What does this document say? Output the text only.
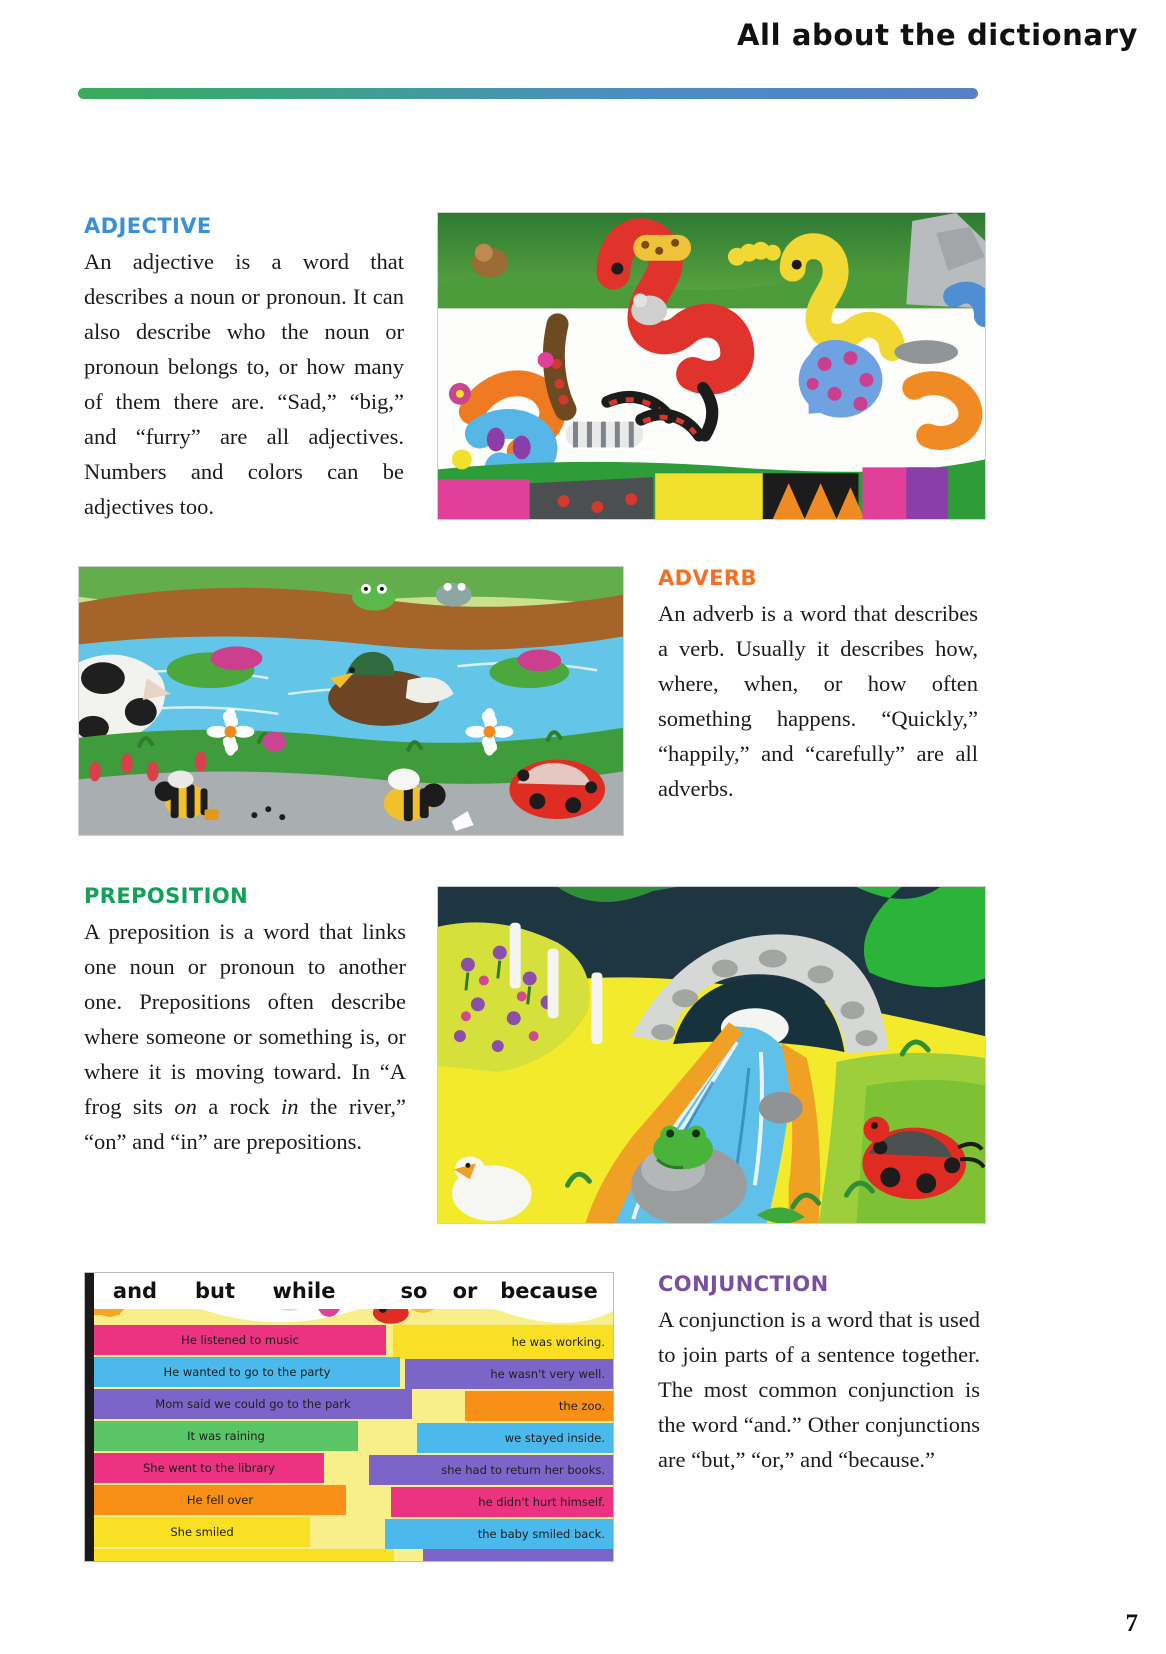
All about the dictionary
ADJECTIVE

An adjective is a word that describes a noun or pronoun. It can also describe who the noun or pronoun belongs to, or how many of them there are. “Sad,” “big,” and “furry” are all adjectives. Numbers and colors can be adjectives too.

ADVERB

An adverb is a word that describes a verb. Usually it describes how, where, when, or how often something happens. “Quickly,” “happily,” and “carefully” are all adverbs.

PREPOSITION

A preposition is a word that links one noun or pronoun to another one. Prepositions often describe where someone or something is, or where it is moving toward. In “A frog sits on a rock in the river,” “on” and “in” are prepositions.

and	but	while	so	or	because
He listened to music	he was working.
He wanted to go to the party	he wasn't very well.
Mom said we could go to the park	the zoo.
It was raining	we stayed inside.
She went to the library	she had to return her books.
He fell over	he didn't hurt himself.
She smiled	the baby smiled back.
CONJUNCTION

A conjunction is a word that is used to join parts of a sentence together. The most common conjunction is the word “and.” Other conjunctions are “but,” “or,” and “because.”

7
